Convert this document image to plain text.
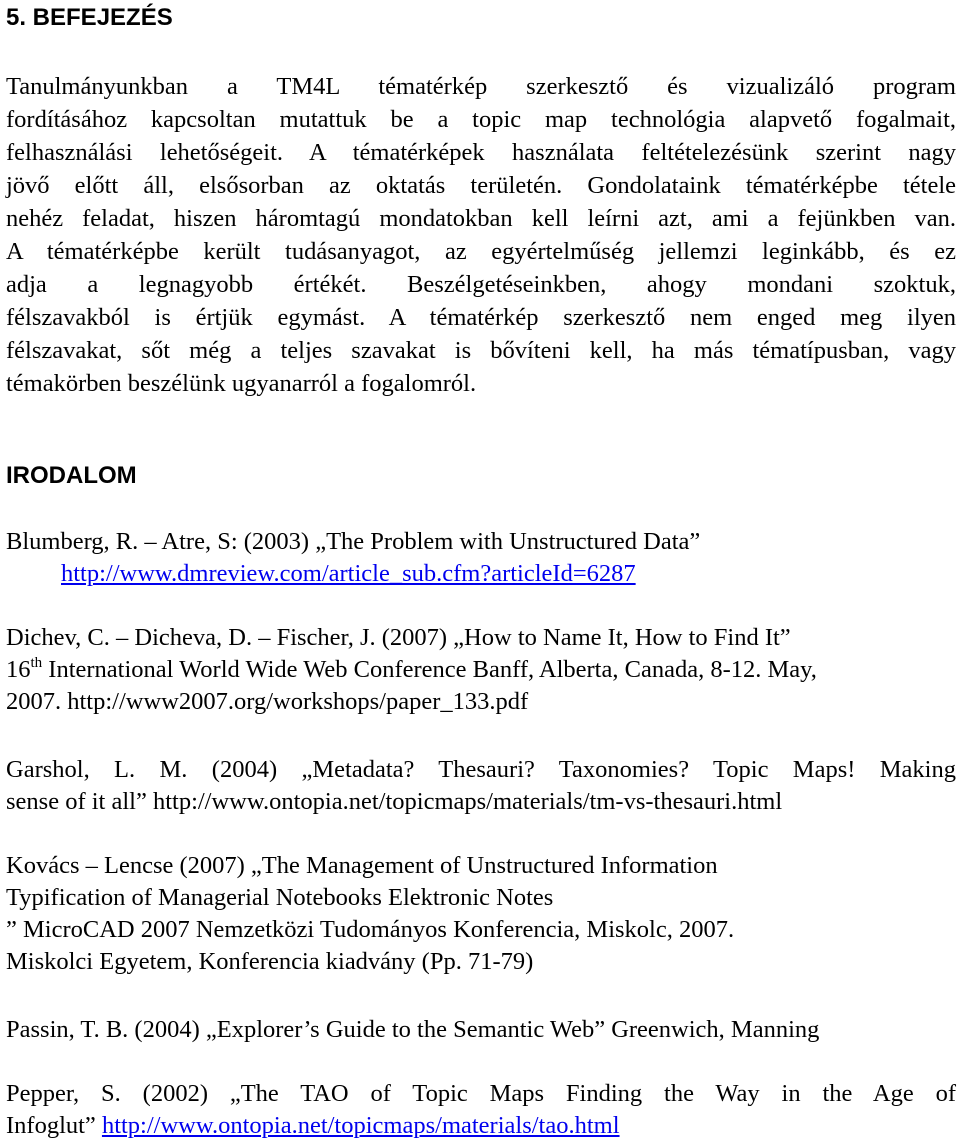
5. BEFEJEZÉS
Tanulmányunkban a TM4L tématérkép szerkesztő és vizualizáló program
fordításához kapcsoltan mutattuk be a topic map technológia alapvető fogalmait,
felhasználási lehetőségeit. A tématérképek használata feltételezésünk szerint nagy
jövő előtt áll, elsősorban az oktatás területén. Gondolataink tématérképbe tétele
nehéz feladat, hiszen háromtagú mondatokban kell leírni azt, ami a fejünkben van.
A tématérképbe került tudásanyagot, az egyértelműség jellemzi leginkább, és ez
adja a legnagyobb értékét. Beszélgetéseinkben, ahogy mondani szoktuk,
félszavakból is értjük egymást. A tématérkép szerkesztő nem enged meg ilyen
félszavakat, sőt még a teljes szavakat is bővíteni kell, ha más tématípusban, vagy
témakörben beszélünk ugyanarról a fogalomról.
IRODALOM
Blumberg, R. – Atre, S: (2003) „The Problem with Unstructured Data”
http://www.dmreview.com/article_sub.cfm?articleId=6287
Dichev, C. – Dicheva, D. – Fischer, J. (2007) „How to Name It, How to Find It”
16th International World Wide Web Conference Banff, Alberta, Canada, 8-12. May,
2007. http://www2007.org/workshops/paper_133.pdf
Garshol, L. M. (2004) „Metadata? Thesauri? Taxonomies? Topic Maps! Making
sense of it all” http://www.ontopia.net/topicmaps/materials/tm-vs-thesauri.html
Kovács – Lencse (2007) „The Management of Unstructured Information
Typification of Managerial Notebooks Elektronic Notes
” MicroCAD 2007 Nemzetközi Tudományos Konferencia, Miskolc, 2007.
Miskolci Egyetem, Konferencia kiadvány (Pp. 71-79)
Passin, T. B. (2004) „Explorer’s Guide to the Semantic Web” Greenwich, Manning
Pepper, S. (2002) „The TAO of Topic Maps Finding the Way in the Age of
Infoglut” http://www.ontopia.net/topicmaps/materials/tao.html
